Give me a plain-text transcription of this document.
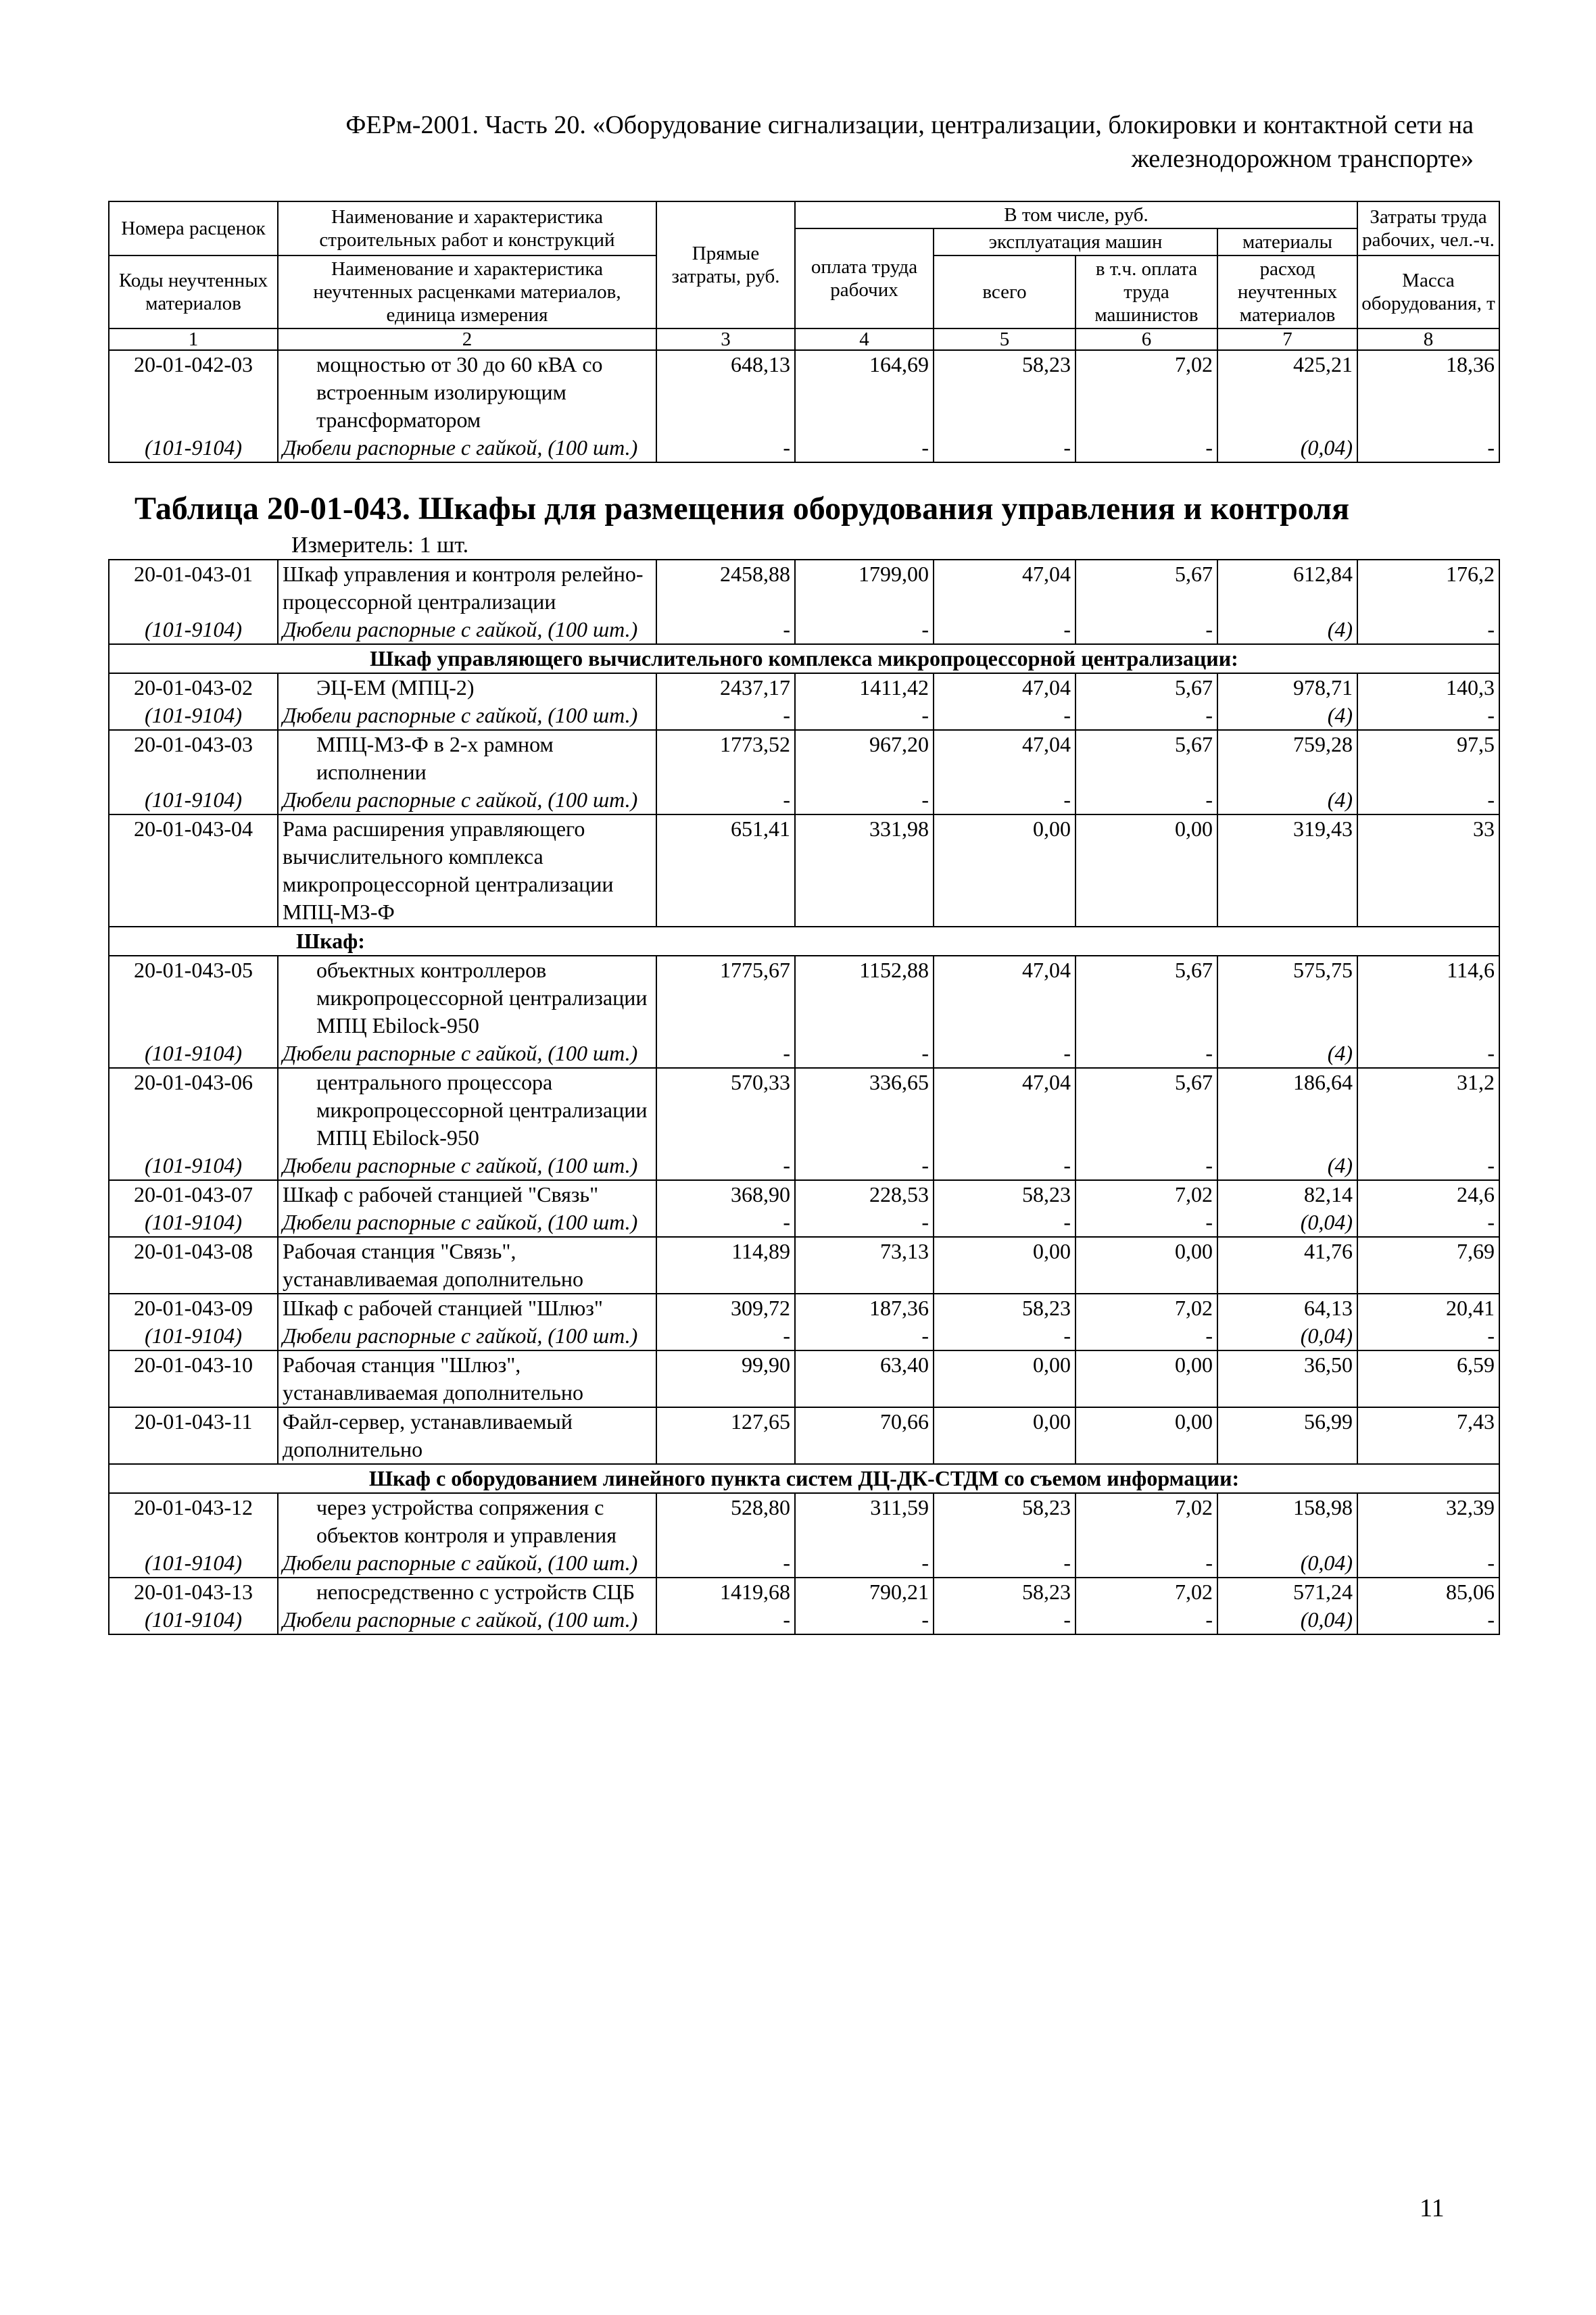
ФЕРм-2001. Часть 20. «Оборудование сигнализации, централизации, блокировки и контактной сети на
железнодорожном транспорте»
Номера расценок	Наименование и характеристика строительных работ и конструкций	Прямые затраты, руб.	В том числе, руб.				Затраты труда рабочих, чел.-ч.
			оплата труда рабочих	эксплуатация машин		материалы	
Коды неучтенных материалов	Наименование и характеристика неучтенных расценками материалов, единица измерения			всего	в т.ч. оплата труда машинистов	расход неучтенных материалов	
							Масса оборудования, т
1	2	3	4	5	6	7	8
20-01-042-03	мощностью от 30 до 60 кВА со встроенным изолирующим трансформатором	648,13	164,69	58,23	7,02	425,21	18,36
(101-9104)	Дюбели распорные с гайкой, (100 шт.)	-	-	-	-	(0,04)	-

Таблица 20-01-043. Шкафы для размещения оборудования управления и контроля
Измеритель: 1 шт.							

20-01-043-01	Шкаф управления и контроля релейно-процессорной централизации	2458,88	1799,00	47,04	5,67	612,84	176,2
(101-9104)	Дюбели распорные с гайкой, (100 шт.)	-	-	-	-	(4)	-
Шкаф управляющего вычислительного комплекса микропроцессорной централизации:							
20-01-043-02	ЭЦ-ЕМ (МПЦ-2)	2437,17	1411,42	47,04	5,67	978,71	140,3
(101-9104)	Дюбели распорные с гайкой, (100 шт.)	-	-	-	-	(4)	-
20-01-043-03	МПЦ-МЗ-Ф в 2-х рамном исполнении	1773,52	967,20	47,04	5,67	759,28	97,5
(101-9104)	Дюбели распорные с гайкой, (100 шт.)	-	-	-	-	(4)	-
20-01-043-04	Рама расширения управляющего вычислительного комплекса микропроцессорной централизации МПЦ-МЗ-Ф	651,41	331,98	0,00	0,00	319,43	33
Шкаф:							
20-01-043-05	объектных контроллеров микропроцессорной централизации МПЦ Ebilock-950	1775,67	1152,88	47,04	5,67	575,75	114,6
(101-9104)	Дюбели распорные с гайкой, (100 шт.)	-	-	-	-	(4)	-
20-01-043-06	центрального процессора микропроцессорной централизации МПЦ Ebilock-950	570,33	336,65	47,04	5,67	186,64	31,2
(101-9104)	Дюбели распорные с гайкой, (100 шт.)	-	-	-	-	(4)	-
20-01-043-07	Шкаф с рабочей станцией "Связь"	368,90	228,53	58,23	7,02	82,14	24,6
(101-9104)	Дюбели распорные с гайкой, (100 шт.)	-	-	-	-	(0,04)	-
20-01-043-08	Рабочая станция "Связь", устанавливаемая дополнительно	114,89	73,13	0,00	0,00	41,76	7,69
20-01-043-09	Шкаф с рабочей станцией "Шлюз"	309,72	187,36	58,23	7,02	64,13	20,41
(101-9104)	Дюбели распорные с гайкой, (100 шт.)	-	-	-	-	(0,04)	-
20-01-043-10	Рабочая станция "Шлюз", устанавливаемая дополнительно	99,90	63,40	0,00	0,00	36,50	6,59
20-01-043-11	Файл-сервер, устанавливаемый дополнительно	127,65	70,66	0,00	0,00	56,99	7,43
Шкаф с оборудованием линейного пункта систем ДЦ-ДК-СТДМ со съемом информации:							
20-01-043-12	через устройства сопряжения с объектов контроля и управления	528,80	311,59	58,23	7,02	158,98	32,39
(101-9104)	Дюбели распорные с гайкой, (100 шт.)	-	-	-	-	(0,04)	-
20-01-043-13	непосредственно с устройств СЦБ	1419,68	790,21	58,23	7,02	571,24	85,06
(101-9104)	Дюбели распорные с гайкой, (100 шт.)	-	-	-	-	(0,04)	-
11
